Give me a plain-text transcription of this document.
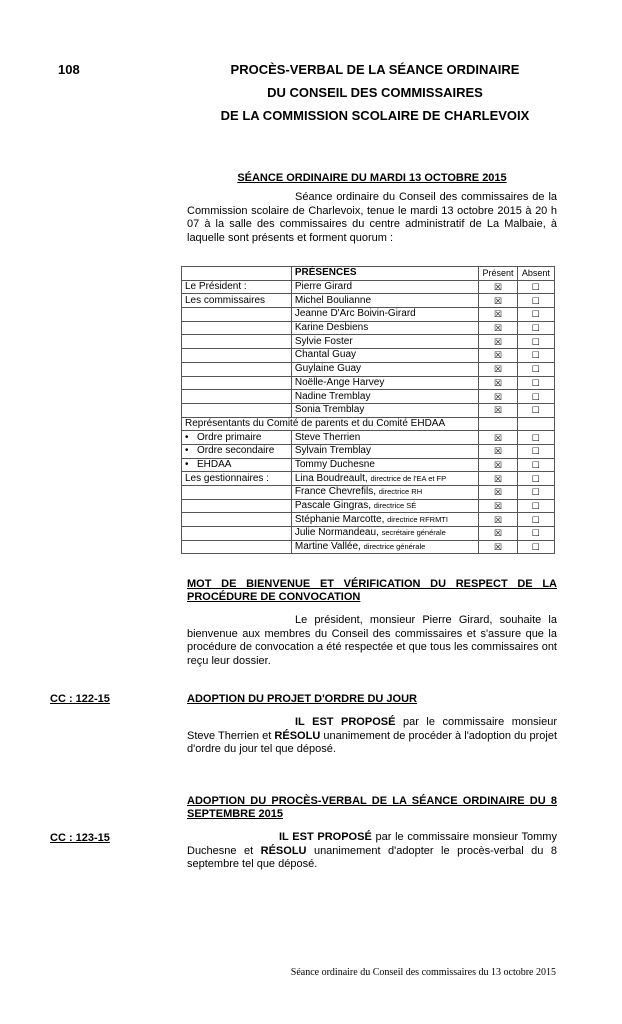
108	PROCÈS-VERBAL DE LA SÉANCE ORDINAIRE
DU CONSEIL DES COMMISSAIRES
DE LA COMMISSION SCOLAIRE DE CHARLEVOIX
SÉANCE ORDINAIRE DU MARDI 13 OCTOBRE 2015
Séance ordinaire du Conseil des commissaires de la Commission scolaire de Charlevoix, tenue le mardi 13 octobre 2015 à 20 h 07 à la salle des commissaires du centre administratif de La Malbaie, à laquelle sont présents et forment quorum :
	PRÉSENCES	Présent	Absent
Le Président :	Pierre Girard	☒	☐
Les commissaires	Michel Boulianne	☒	☐
	Jeanne D'Arc Boivin-Girard	☒	☐
	Karine Desbiens	☒	☐
	Sylvie Foster	☒	☐
	Chantal Guay	☒	☐
	Guylaine Guay	☒	☐
	Noëlle-Ange Harvey	☒	☐
	Nadine Tremblay	☒	☐
	Sonia Tremblay	☒	☐
Représentants du Comité de parents et du Comité EHDAA			
• Ordre primaire	Steve Therrien	☒	☐
• Ordre secondaire	Sylvain Tremblay	☒	☐
• EHDAA	Tommy Duchesne	☒	☐
Les gestionnaires :	Lina Boudreault, directrice de l'EA et FP	☒	☐
	France Chevrefils, directrice RH	☒	☐
	Pascale Gingras, directrice SÉ	☒	☐
	Stéphanie Marcotte, directrice RFRMTI	☒	☐
	Julie Normandeau, secrétaire générale	☒	☐
	Martine Vallée, directrice générale	☒	☐
MOT DE BIENVENUE ET VÉRIFICATION DU RESPECT DE LA PROCÉDURE DE CONVOCATION
Le président, monsieur Pierre Girard, souhaite la bienvenue aux membres du Conseil des commissaires et s'assure que la procédure de convocation a été respectée et que tous les commissaires ont reçu leur dossier.
CC : 122-15	ADOPTION DU PROJET D'ORDRE DU JOUR
IL EST PROPOSÉ par le commissaire monsieur Steve Therrien et RÉSOLU unanimement de procéder à l'adoption du projet d'ordre du jour tel que déposé.
ADOPTION DU PROCÈS-VERBAL DE LA SÉANCE ORDINAIRE DU 8 SEPTEMBRE 2015
CC : 123-15	IL EST PROPOSÉ par le commissaire monsieur Tommy Duchesne et RÉSOLU unanimement d'adopter le procès-verbal du 8 septembre tel que déposé.
Séance ordinaire du Conseil des commissaires du 13 octobre 2015
